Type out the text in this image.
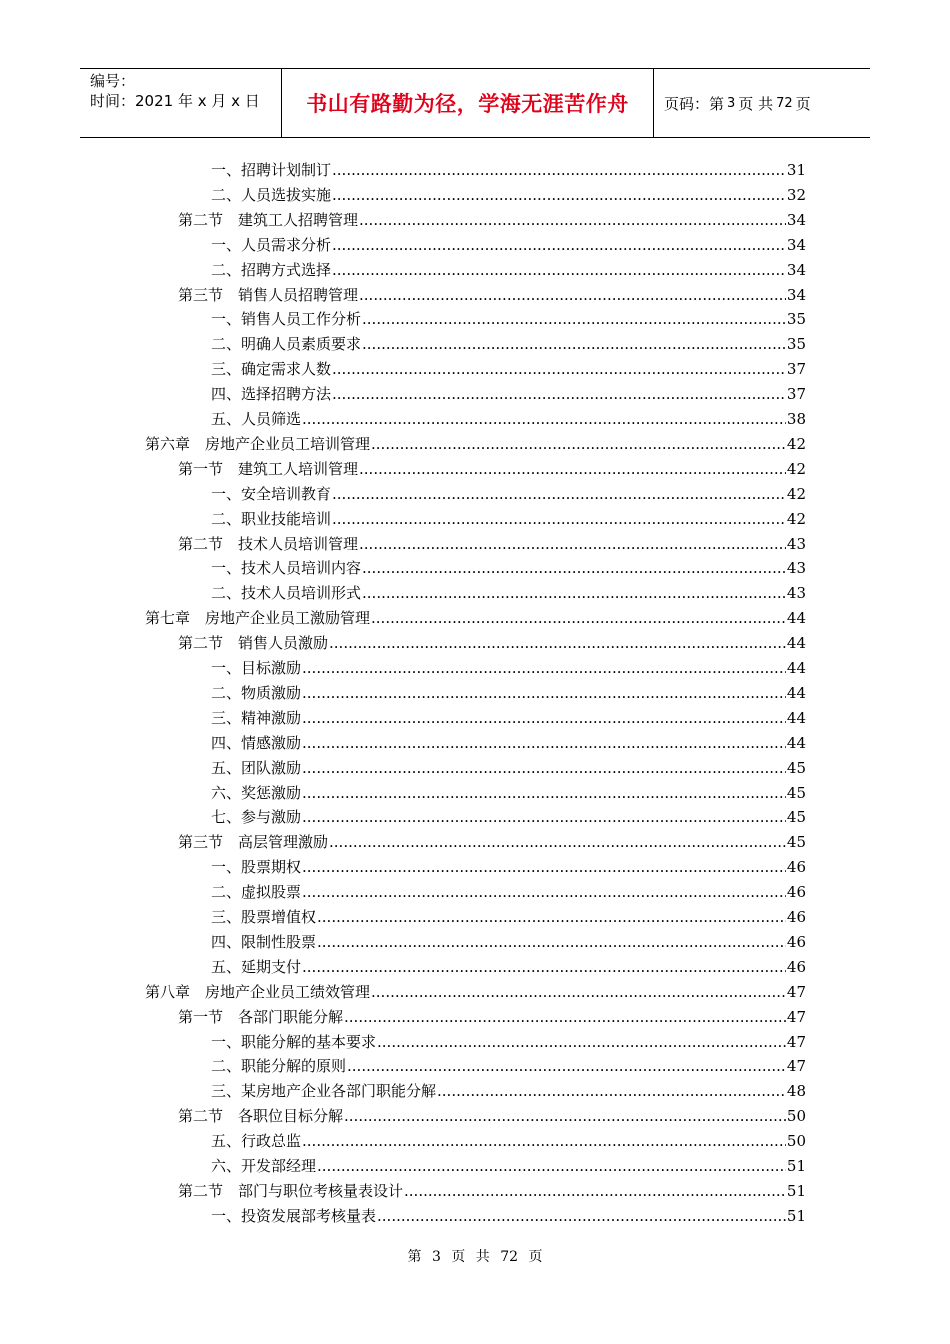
编号：
时间：2021 年 x 月 x 日	书山有路勤为径，学海无涯苦作舟 页码：第 3 页 共 72 页
一、招聘计划制订 .....	31
二、人员选拔实施 .....	32
第二节　建筑工人招聘管理 .....	34
一、人员需求分析 .....	34
二、招聘方式选择 .....	34
第三节　销售人员招聘管理 .....	34
一、销售人员工作分析 .....	35
二、明确人员素质要求 .....	35
三、确定需求人数 .....	37
四、选择招聘方法 .....	37
五、人员筛选 .....	38
第六章　房地产企业员工培训管理 .....	42
第一节　建筑工人培训管理 .....	42
一、安全培训教育 .....	42
二、职业技能培训 .....	42
第二节　技术人员培训管理 .....	43
一、技术人员培训内容 .....	43
二、技术人员培训形式 .....	43
第七章　房地产企业员工激励管理 .....	44
第二节　销售人员激励 .....	44
一、目标激励 .....	44
二、物质激励 .....	44
三、精神激励 .....	44
四、情感激励 .....	44
五、团队激励 .....	45
六、奖惩激励 .....	45
七、参与激励 .....	45
第三节　高层管理激励 .....	45
一、股票期权 .....	46
二、虚拟股票 .....	46
三、股票增值权 .....	46
四、限制性股票 .....	46
五、延期支付 .....	46
第八章　房地产企业员工绩效管理 .....	47
第一节　各部门职能分解 .....	47
一、职能分解的基本要求 .....	47
二、职能分解的原则 .....	47
三、某房地产企业各部门职能分解 .....	48
第二节　各职位目标分解 .....	50
五、行政总监 .....	50
六、开发部经理 .....	51
第二节　部门与职位考核量表设计 .....	51
一、投资发展部考核量表 .....	51
第 3 页 共 72 页
